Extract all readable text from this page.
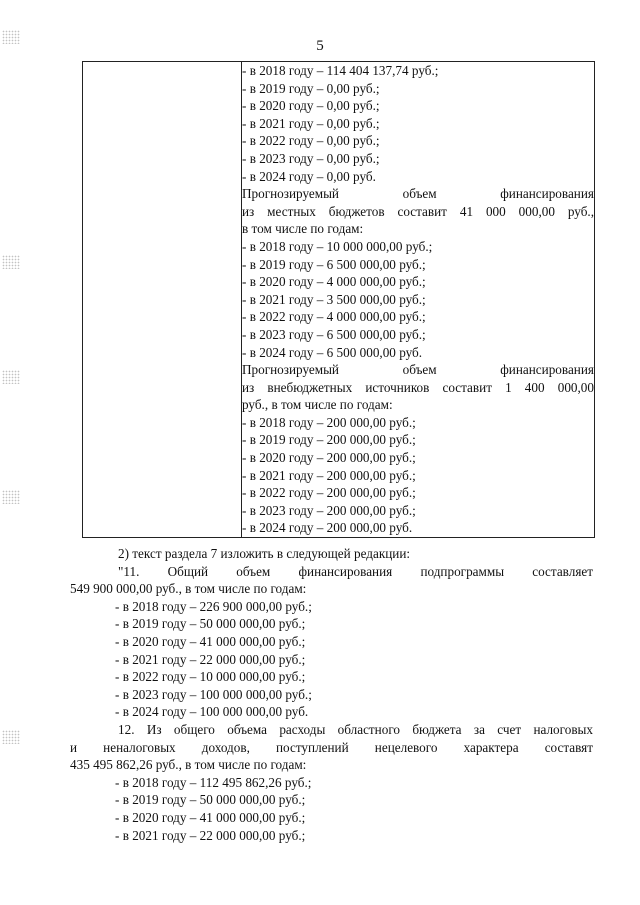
5

- в 2018 году – 114 404 137,74 руб.;
- в 2019 году – 0,00 руб.;
- в 2020 году – 0,00 руб.;
- в 2021 году – 0,00 руб.;
- в 2022 году – 0,00 руб.;
- в 2023 году – 0,00 руб.;
- в 2024 году – 0,00 руб.
Прогнозируемый объем финансирования
из местных бюджетов составит 41 000 000,00 руб.,
в том числе по годам:
- в 2018 году – 10 000 000,00 руб.;
- в 2019 году – 6 500 000,00 руб.;
- в 2020 году – 4 000 000,00 руб.;
- в 2021 году – 3 500 000,00 руб.;
- в 2022 году – 4 000 000,00 руб.;
- в 2023 году – 6 500 000,00 руб.;
- в 2024 году – 6 500 000,00 руб.
Прогнозируемый объем финансирования
из внебюджетных источников составит 1 400 000,00
руб., в том числе по годам:
- в 2018 году – 200 000,00 руб.;
- в 2019 году – 200 000,00 руб.;
- в 2020 году – 200 000,00 руб.;
- в 2021 году – 200 000,00 руб.;
- в 2022 году – 200 000,00 руб.;
- в 2023 году – 200 000,00 руб.;
- в 2024 году – 200 000,00 руб.
2) текст раздела 7 изложить в следующей редакции:
"11. Общий объем финансирования подпрограммы составляет
549 900 000,00 руб., в том числе по годам:
- в 2018 году – 226 900 000,00 руб.;
- в 2019 году – 50 000 000,00 руб.;
- в 2020 году – 41 000 000,00 руб.;
- в 2021 году – 22 000 000,00 руб.;
- в 2022 году – 10 000 000,00 руб.;
- в 2023 году – 100 000 000,00 руб.;
- в 2024 году – 100 000 000,00 руб.
12. Из общего объема расходы областного бюджета за счет налоговых
и неналоговых доходов, поступлений нецелевого характера составят
435 495 862,26 руб., в том числе по годам:
- в 2018 году – 112 495 862,26 руб.;
- в 2019 году – 50 000 000,00 руб.;
- в 2020 году – 41 000 000,00 руб.;
- в 2021 году – 22 000 000,00 руб.;
